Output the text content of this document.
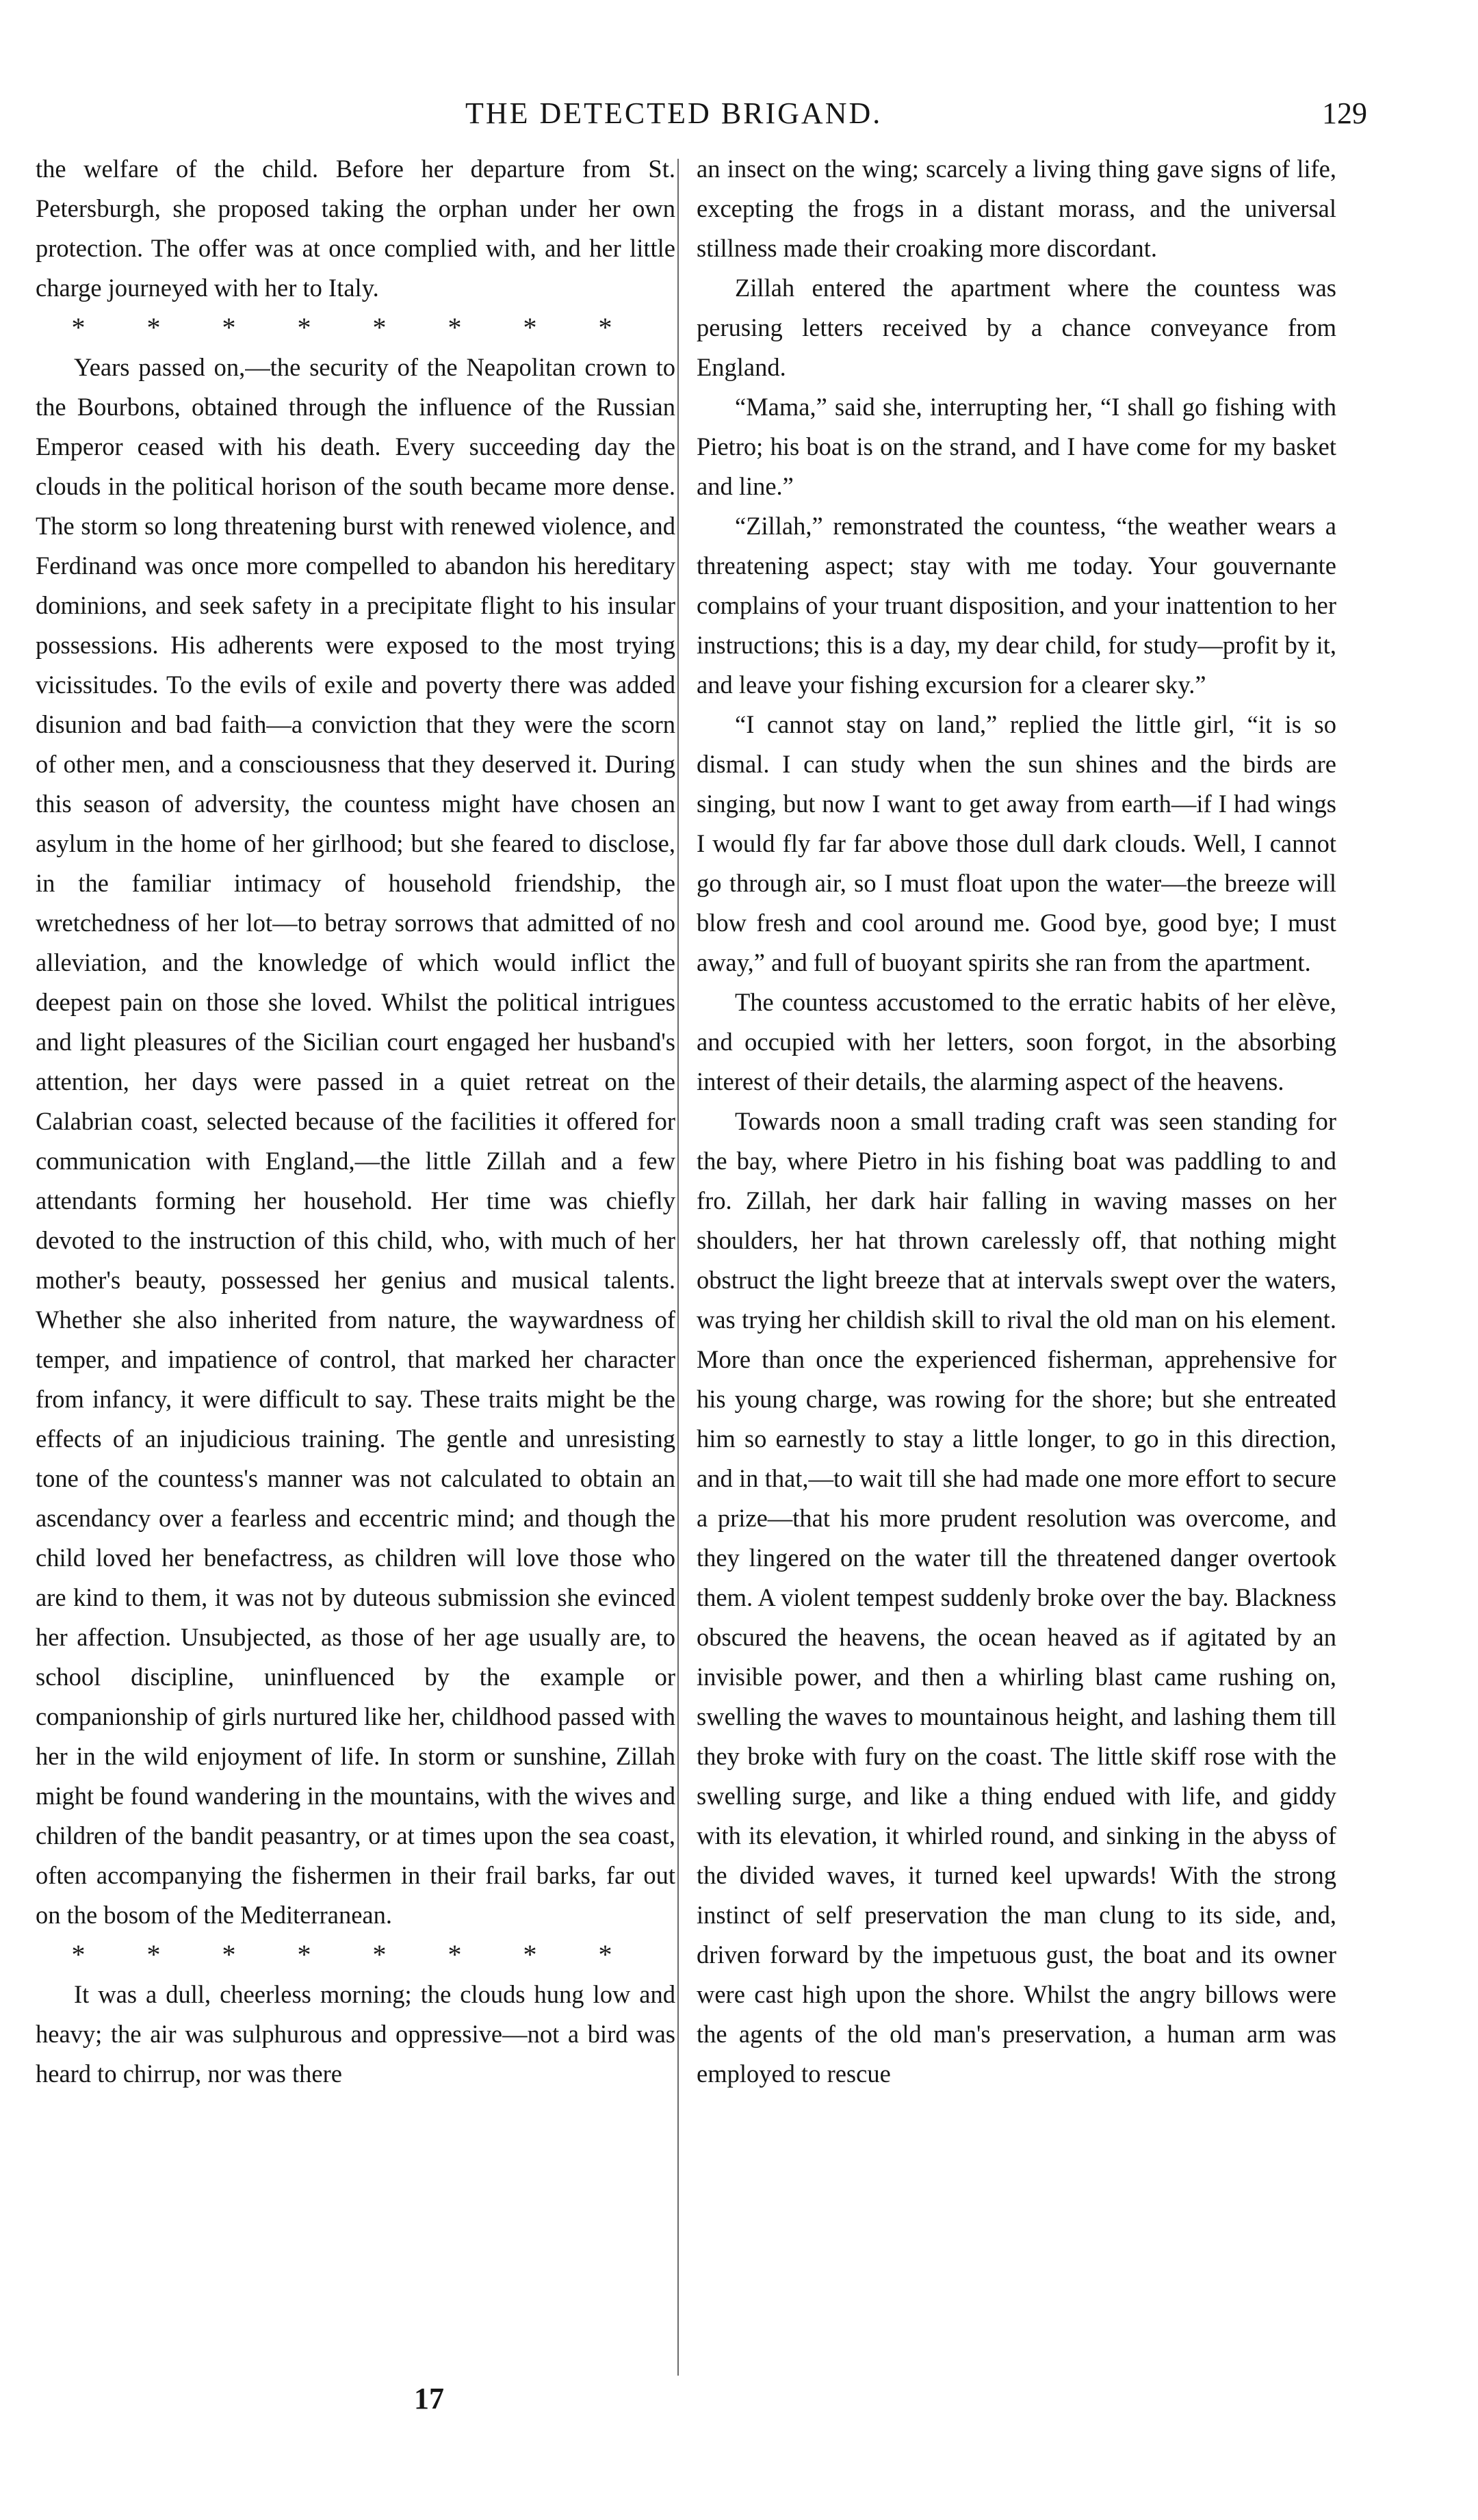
THE DETECTED BRIGAND.	129

the welfare of the child. Before her departure from St. Petersburgh, she proposed taking the orphan under her own protection. The offer was at once complied with, and her little charge journeyed with her to Italy.

* * * * * * * *

Years passed on,—the security of the Neapolitan crown to the Bourbons, obtained through the influence of the Russian Emperor ceased with his death. Every succeeding day the clouds in the political horison of the south became more dense. The storm so long threatening burst with renewed violence, and Ferdinand was once more compelled to abandon his hereditary dominions, and seek safety in a precipitate flight to his insular possessions. His adherents were exposed to the most trying vicissitudes. To the evils of exile and poverty there was added disunion and bad faith—a conviction that they were the scorn of other men, and a consciousness that they deserved it. During this season of adversity, the countess might have chosen an asylum in the home of her girlhood; but she feared to disclose, in the familiar intimacy of household friendship, the wretchedness of her lot—to betray sorrows that admitted of no alleviation, and the knowledge of which would inflict the deepest pain on those she loved. Whilst the political intrigues and light pleasures of the Sicilian court engaged her husband's attention, her days were passed in a quiet retreat on the Calabrian coast, selected because of the facilities it offered for communication with England,—the little Zillah and a few attendants forming her household. Her time was chiefly devoted to the instruction of this child, who, with much of her mother's beauty, possessed her genius and musical talents. Whether she also inherited from nature, the waywardness of temper, and impatience of control, that marked her character from infancy, it were difficult to say. These traits might be the effects of an injudicious training. The gentle and unresisting tone of the countess's manner was not calculated to obtain an ascendancy over a fearless and eccentric mind; and though the child loved her benefactress, as children will love those who are kind to them, it was not by duteous submission she evinced her affection. Unsubjected, as those of her age usually are, to school discipline, uninfluenced by the example or companionship of girls nurtured like her, childhood passed with her in the wild enjoyment of life. In storm or sunshine, Zillah might be found wandering in the mountains, with the wives and children of the bandit peasantry, or at times upon the sea coast, often accompanying the fishermen in their frail barks, far out on the bosom of the Mediterranean.

* * * * * * * *

It was a dull, cheerless morning; the clouds hung low and heavy; the air was sulphurous and oppressive—not a bird was heard to chirrup, nor was there

an insect on the wing; scarcely a living thing gave signs of life, excepting the frogs in a distant morass, and the universal stillness made their croaking more discordant.

Zillah entered the apartment where the countess was perusing letters received by a chance conveyance from England.

“Mama,” said she, interrupting her, “I shall go fishing with Pietro; his boat is on the strand, and I have come for my basket and line.”

“Zillah,” remonstrated the countess, “the weather wears a threatening aspect; stay with me today. Your gouvernante complains of your truant disposition, and your inattention to her instructions; this is a day, my dear child, for study—profit by it, and leave your fishing excursion for a clearer sky.”

“I cannot stay on land,” replied the little girl, “it is so dismal. I can study when the sun shines and the birds are singing, but now I want to get away from earth—if I had wings I would fly far far above those dull dark clouds. Well, I cannot go through air, so I must float upon the water—the breeze will blow fresh and cool around me. Good bye, good bye; I must away,” and full of buoyant spirits she ran from the apartment.

The countess accustomed to the erratic habits of her elève, and occupied with her letters, soon forgot, in the absorbing interest of their details, the alarming aspect of the heavens.

Towards noon a small trading craft was seen standing for the bay, where Pietro in his fishing boat was paddling to and fro. Zillah, her dark hair falling in waving masses on her shoulders, her hat thrown carelessly off, that nothing might obstruct the light breeze that at intervals swept over the waters, was trying her childish skill to rival the old man on his element. More than once the experienced fisherman, apprehensive for his young charge, was rowing for the shore; but she entreated him so earnestly to stay a little longer, to go in this direction, and in that,—to wait till she had made one more effort to secure a prize—that his more prudent resolution was overcome, and they lingered on the water till the threatened danger overtook them. A violent tempest suddenly broke over the bay. Blackness obscured the heavens, the ocean heaved as if agitated by an invisible power, and then a whirling blast came rushing on, swelling the waves to mountainous height, and lashing them till they broke with fury on the coast. The little skiff rose with the swelling surge, and like a thing endued with life, and giddy with its elevation, it whirled round, and sinking in the abyss of the divided waves, it turned keel upwards! With the strong instinct of self preservation the man clung to its side, and, driven forward by the impetuous gust, the boat and its owner were cast high upon the shore. Whilst the angry billows were the agents of the old man's preservation, a human arm was employed to rescue

17
